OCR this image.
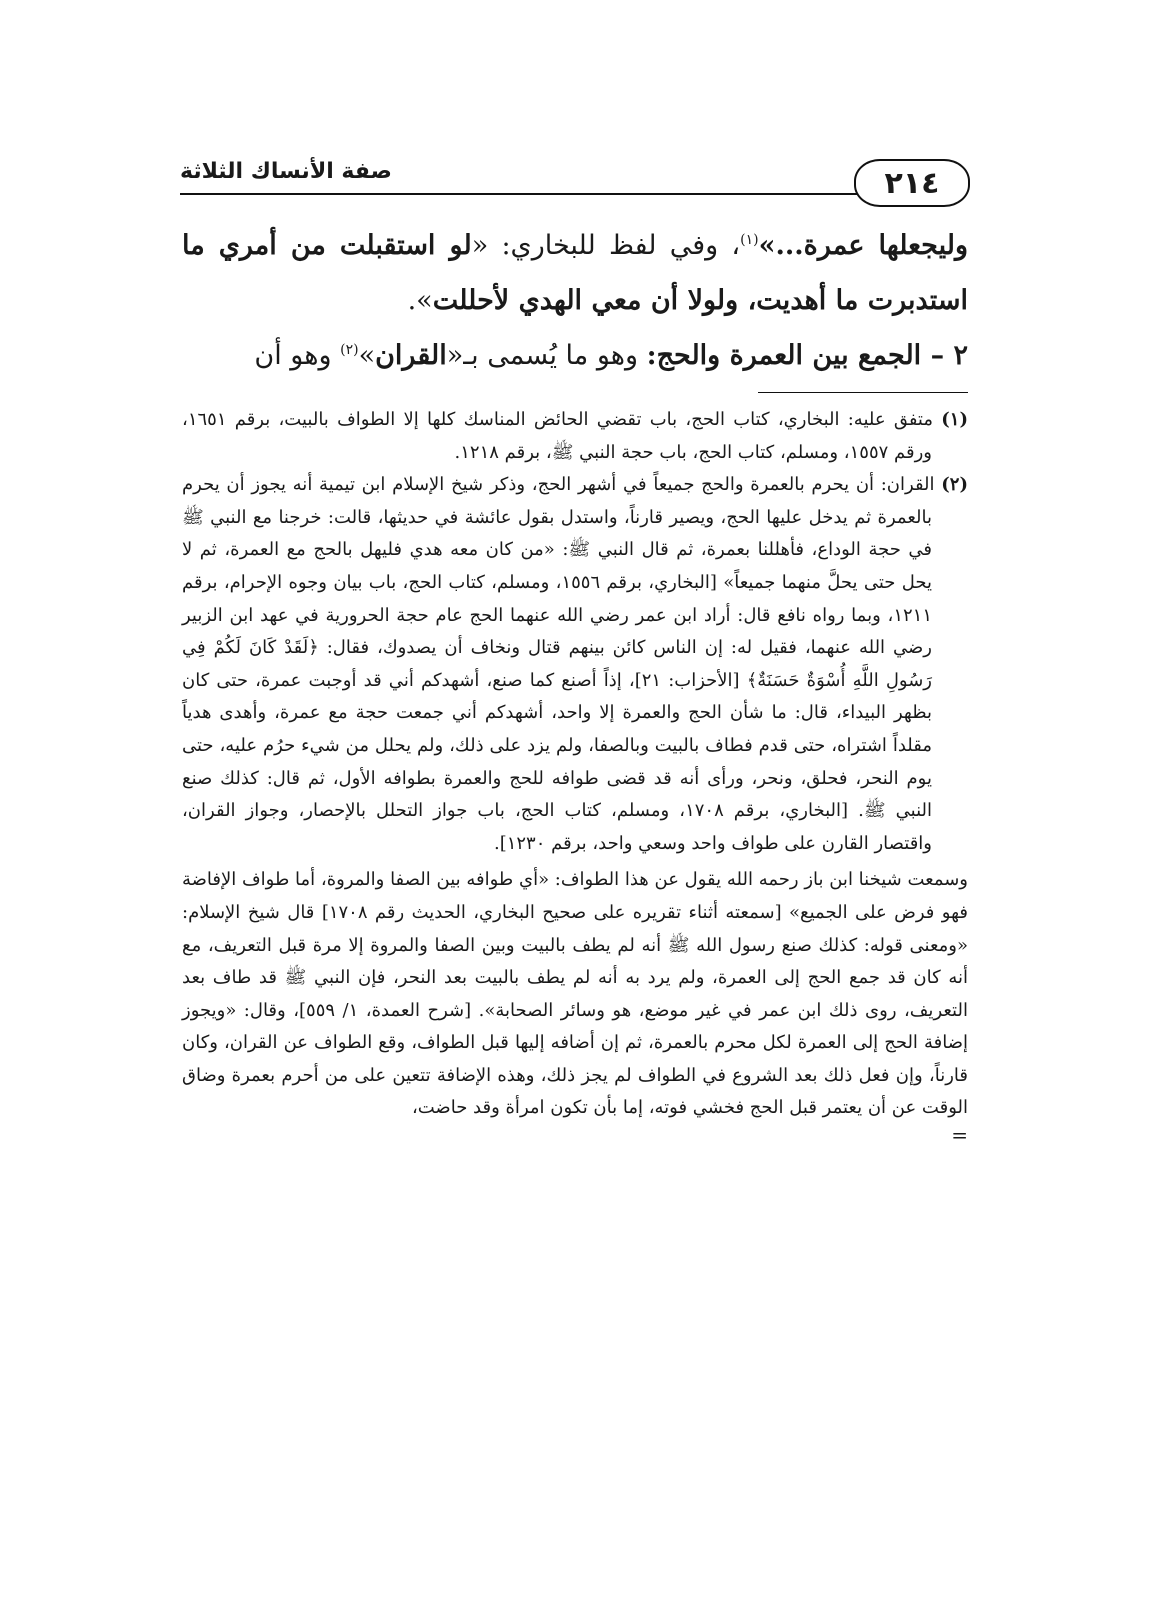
صفة الأنساك الثلاثة	٢١٤

وليجعلها عمرة...»$^{(١)}$، وفي لفظ للبخاري: «لو استقبلت من أمري ما استدبرت ما أهديت، ولولا أن معي الهدي لأحللت».

٢ – الجمع بين العمرة والحج: وهو ما يُسمى بـ«القران»$^{(٢)}$ وهو أن

(١) متفق عليه: البخاري، كتاب الحج، باب تقضي الحائض المناسك كلها إلا الطواف بالبيت، برقم ١٦٥١، ورقم ١٥٥٧، ومسلم، كتاب الحج، باب حجة النبي ﷺ، برقم ١٢١٨.

(٢) القران: أن يحرم بالعمرة والحج جميعاً في أشهر الحج، وذكر شيخ الإسلام ابن تيمية أنه يجوز أن يحرم بالعمرة ثم يدخل عليها الحج، ويصير قارناً، واستدل بقول عائشة في حديثها، قالت: خرجنا مع النبي ﷺ في حجة الوداع، فأهللنا بعمرة، ثم قال النبي ﷺ: «من كان معه هدي فليهل بالحج مع العمرة، ثم لا يحل حتى يحلَّ منهما جميعاً» [البخاري، برقم ١٥٥٦، ومسلم، كتاب الحج، باب بيان وجوه الإحرام، برقم ١٢١١، وبما رواه نافع قال: أراد ابن عمر رضي الله عنهما الحج عام حجة الحرورية في عهد ابن الزبير رضي الله عنهما، فقيل له: إن الناس كائن بينهم قتال ونخاف أن يصدوك، فقال: ﴿لَقَدْ كَانَ لَكُمْ فِي رَسُولِ اللَّهِ أُسْوَةٌ حَسَنَةٌ﴾ [الأحزاب: ٢١]، إذاً أصنع كما صنع، أشهدكم أني قد أوجبت عمرة، حتى كان بظهر البيداء، قال: ما شأن الحج والعمرة إلا واحد، أشهدكم أني جمعت حجة مع عمرة، وأهدى هدياً مقلداً اشتراه، حتى قدم فطاف بالبيت وبالصفا، ولم يزد على ذلك، ولم يحلل من شيء حرُم عليه، حتى يوم النحر، فحلق، ونحر، ورأى أنه قد قضى طوافه للحج والعمرة بطوافه الأول، ثم قال: كذلك صنع النبي ﷺ. [البخاري، برقم ١٧٠٨، ومسلم، كتاب الحج، باب جواز التحلل بالإحصار، وجواز القران، واقتصار القارن على طواف واحد وسعي واحد، برقم ١٢٣٠].

وسمعت شيخنا ابن باز رحمه الله يقول عن هذا الطواف: «أي طوافه بين الصفا والمروة، أما طواف الإفاضة فهو فرض على الجميع» [سمعته أثناء تقريره على صحيح البخاري، الحديث رقم ١٧٠٨] قال شيخ الإسلام: «ومعنى قوله: كذلك صنع رسول الله ﷺ أنه لم يطف بالبيت وبين الصفا والمروة إلا مرة قبل التعريف، مع أنه كان قد جمع الحج إلى العمرة، ولم يرد به أنه لم يطف بالبيت بعد النحر، فإن النبي ﷺ قد طاف بعد التعريف، روى ذلك ابن عمر في غير موضع، هو وسائر الصحابة». [شرح العمدة، ١/ ٥٥٩]، وقال: «ويجوز إضافة الحج إلى العمرة لكل محرم بالعمرة، ثم إن أضافه إليها قبل الطواف، وقع الطواف عن القران، وكان قارناً، وإن فعل ذلك بعد الشروع في الطواف لم يجز ذلك، وهذه الإضافة تتعين على من أحرم بعمرة وضاق الوقت عن أن يعتمر قبل الحج فخشي فوته، إما بأن تكون امرأة وقد حاضت،

=
